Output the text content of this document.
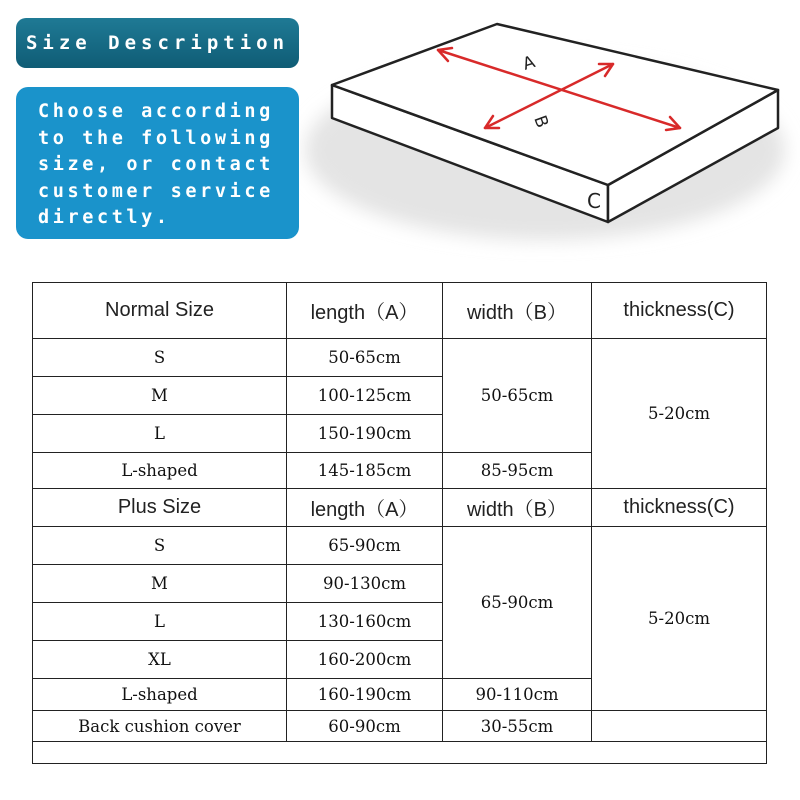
Size Description
Choose according to the following size, or contact customer service directly.
A
B
C
Normal Size	length（A）	width（B）	thickness(C)
S	50-65cm	50-65cm	5-20cm
M	100-125cm		
L	150-190cm		
L-shaped	145-185cm	85-95cm	
Plus Size	length（A）	width（B）	thickness(C)
S	65-90cm	65-90cm	5-20cm
M	90-130cm		
L	130-160cm		
XL	160-200cm		
L-shaped	160-190cm	90-110cm	
Back cushion cover	60-90cm	30-55cm	
